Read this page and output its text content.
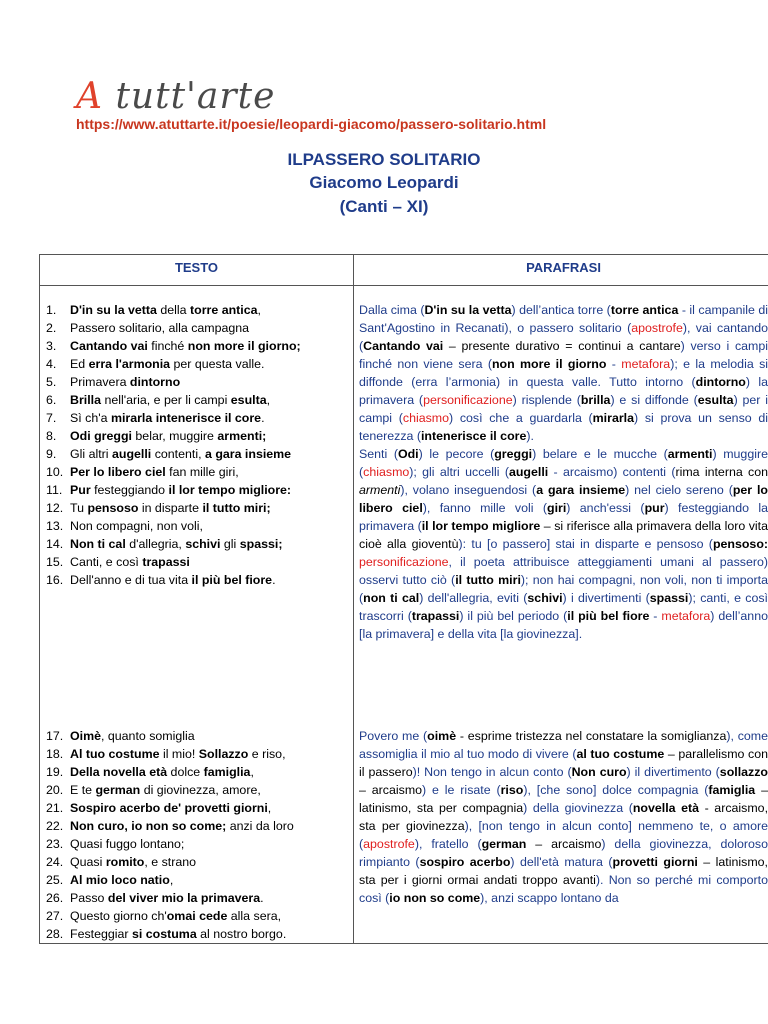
A tutt'arte
https://www.atuttarte.it/poesie/leopardi-giacomo/passero-solitario.html
ILPASSERO SOLITARIO
Giacomo Leopardi
(Canti – XI)
TESTO	PARAFRASI
1. D'in su la vetta della torre antica,
2. Passero solitario, alla campagna
3. Cantando vai finché non more il giorno;
4. Ed erra l'armonia per questa valle.
5. Primavera dintorno
6. Brilla nell'aria, e per li campi esulta,
7. Sì ch'a mirarla intenerisce il core.
8. Odi greggi belar, muggire armenti;
9. Gli altri augelli contenti, a gara insieme
10. Per lo libero ciel fan mille giri,
11. Pur festeggiando il lor tempo migliore:
12. Tu pensoso in disparte il tutto miri;
13. Non compagni, non voli,
14. Non ti cal d'allegria, schivi gli spassi;
15. Canti, e così trapassi
16. Dell'anno e di tua vita il più bel fiore.
17. Oimè, quanto somiglia
18. Al tuo costume il mio! Sollazzo e riso,
19. Della novella età dolce famiglia,
20. E te german di giovinezza, amore,
21. Sospiro acerbo de' provetti giorni,
22. Non curo, io non so come; anzi da loro
23. Quasi fuggo lontano;
24. Quasi romito, e strano
25. Al mio loco natio,
26. Passo del viver mio la primavera.
27. Questo giorno ch'omai cede alla sera,
28. Festeggiar si costuma al nostro borgo.
Dalla cima (D'in su la vetta) dell’antica torre (torre antica - il campanile di Sant'Agostino in Recanati), o passero solitario (apostrofe), vai cantando (Cantando vai – presente durativo = continui a cantare) verso i campi finché non viene sera (non more il giorno - metafora); e la melodia si diffonde (erra l’armonia) in questa valle. Tutto intorno (dintorno) la primavera (personificazione) risplende (brilla) e si diffonde (esulta) per i campi (chiasmo) così che a guardarla (mirarla) si prova un senso di tenerezza (intenerisce il core).
Senti (Odi) le pecore (greggi) belare e le mucche (armenti) muggire (chiasmo); gli altri uccelli (augelli - arcaismo) contenti (rima interna con armenti), volano inseguendosi (a gara insieme) nel cielo sereno (per lo libero ciel), fanno mille voli (giri) anch'essi (pur) festeggiando la primavera (il lor tempo migliore – si riferisce alla primavera della loro vita cioè alla gioventù): tu [o passero] stai in disparte e pensoso (pensoso: personificazione, il poeta attribuisce atteggiamenti umani al passero) osservi tutto ciò (il tutto miri); non hai compagni, non voli, non ti importa (non ti cal) dell'allegria, eviti (schivi) i divertimenti (spassi); canti, e così trascorri (trapassi) il più bel periodo (il più bel fiore - metafora) dell’anno [la primavera] e della vita [la giovinezza].
Povero me (oimè - esprime tristezza nel constatare la somiglianza), come assomiglia il mio al tuo modo di vivere (al tuo costume – parallelismo con il passero)! Non tengo in alcun conto (Non curo) il divertimento (sollazzo – arcaismo) e le risate (riso), [che sono] dolce compagnia (famiglia – latinismo, sta per compagnia) della giovinezza (novella età - arcaismo, sta per giovinezza), [non tengo in alcun conto] nemmeno te, o amore (apostrofe), fratello (german – arcaismo) della giovinezza, doloroso rimpianto (sospiro acerbo) dell'età matura (provetti giorni – latinismo, sta per i giorni ormai andati troppo avanti). Non so perché mi comporto così (io non so come), anzi scappo lontano da
